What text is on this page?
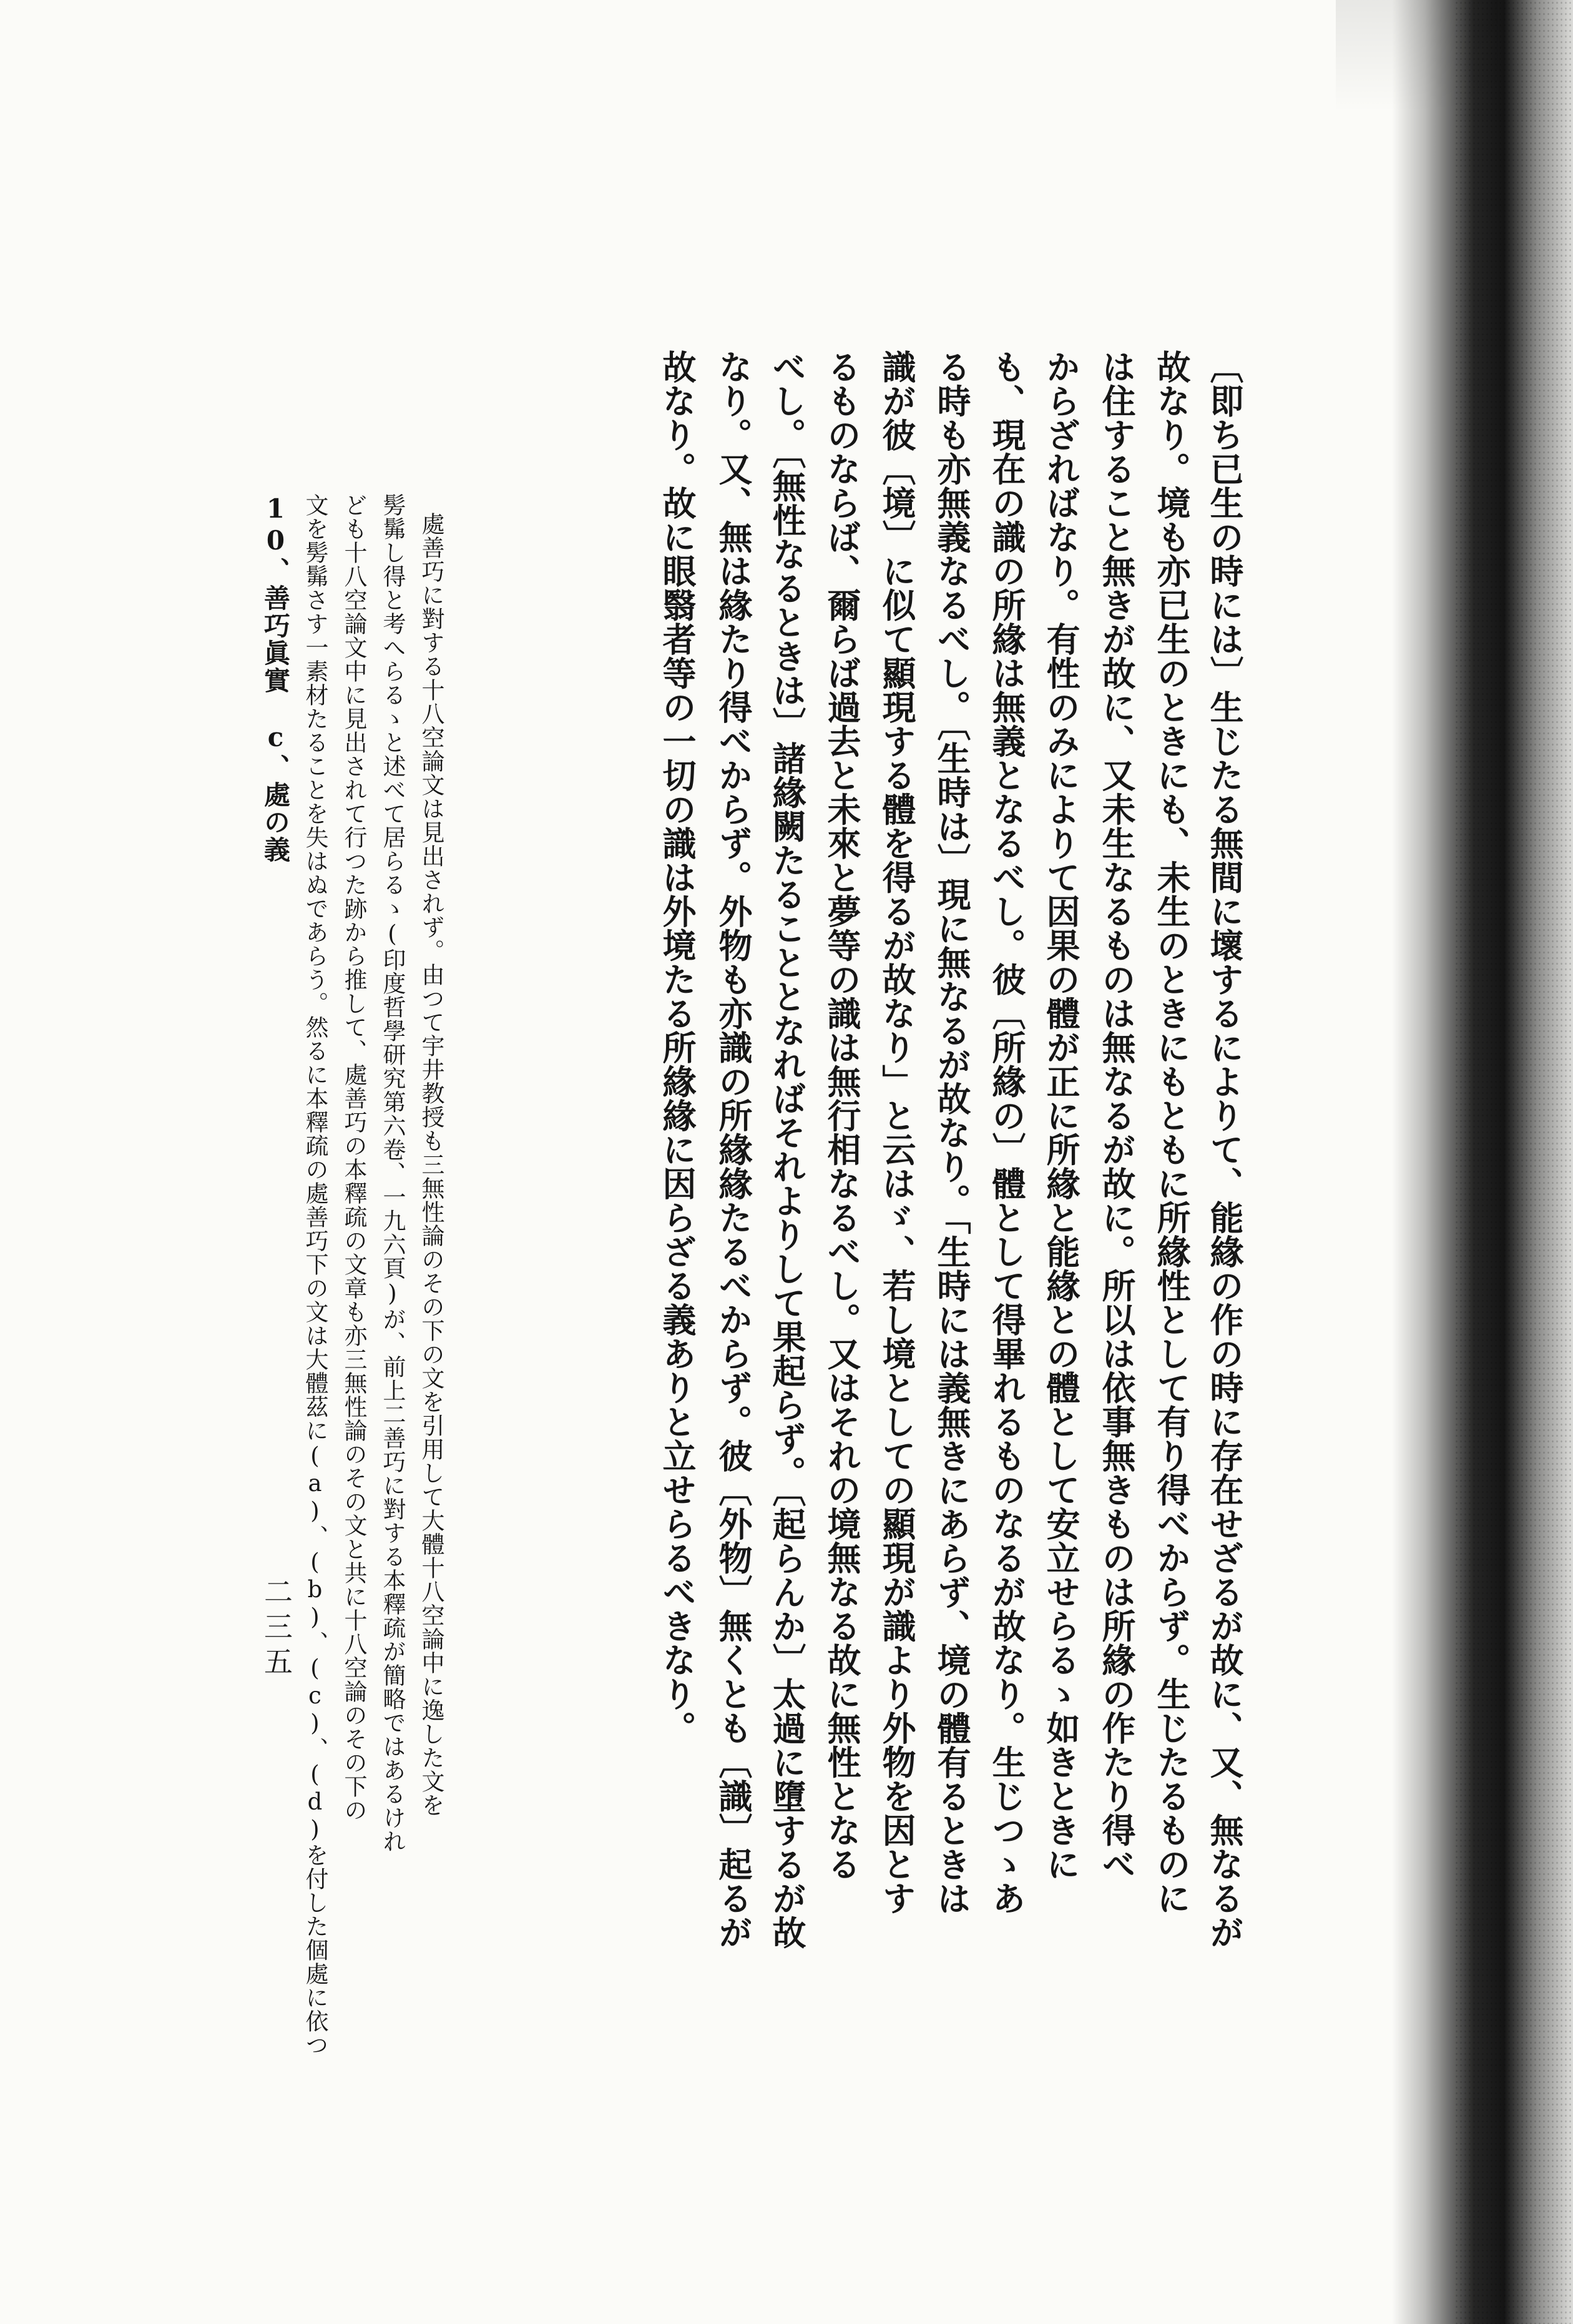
〔即ち已生の時には〕生じたる無間に壞するによりて、能緣の作の時に存在せざるが故に、又、無なるが
故なり。境も亦已生のときにも、未生のときにもともに所緣性として有り得べからず。生じたるものに
は住すること無きが故に、又未生なるものは無なるが故に。所以は依事無きものは所緣の作たり得べ
からざればなり。有性のみによりて因果の體が正に所緣と能緣との體として安立せらるゝ如きときに
も、現在の識の所緣は無義となるべし。彼〔所緣の〕體として得畢れるものなるが故なり。生じつゝあ
る時も亦無義なるべし。〔生時は〕現に無なるが故なり。「生時には義無きにあらず、境の體有るときは
識が彼〔境〕に似て顯現する體を得るが故なり」と云はゞ、若し境としての顯現が識より外物を因とす
るものならば、爾らば過去と未來と夢等の識は無行相なるべし。又はそれの境無なる故に無性となる
べし。〔無性なるときは〕諸緣闕たることとなればそれよりして果起らず。〔起らんか〕太過に墮するが故
なり。又、無は緣たり得べからず。外物も亦識の所緣緣たるべからず。彼〔外物〕無くとも〔識〕起るが
故なり。故に眼翳者等の一切の識は外境たる所緣緣に因らざる義ありと立せらるべきなり。
處善巧に對する十八空論文は見出されず。由つて宇井教授も三無性論のその下の文を引用して大體十八空論中に逸した文を
髣髴し得と考へらるゝと述べて居らるゝ(印度哲學研究第六卷、一九六頁)が、前上二善巧に對する本釋疏が簡略ではあるけれ
ども十八空論文中に見出されて行つた跡から推して、處善巧の本釋疏の文章も亦三無性論のその文と共に十八空論のその下の
文を髣髴さす一素材たることを失はぬであらう。然るに本釋疏の處善巧下の文は大體茲に(a)、(b)、(c)、(d)を付した個處に依つ
10、善巧眞實　c、處の義
二三五
